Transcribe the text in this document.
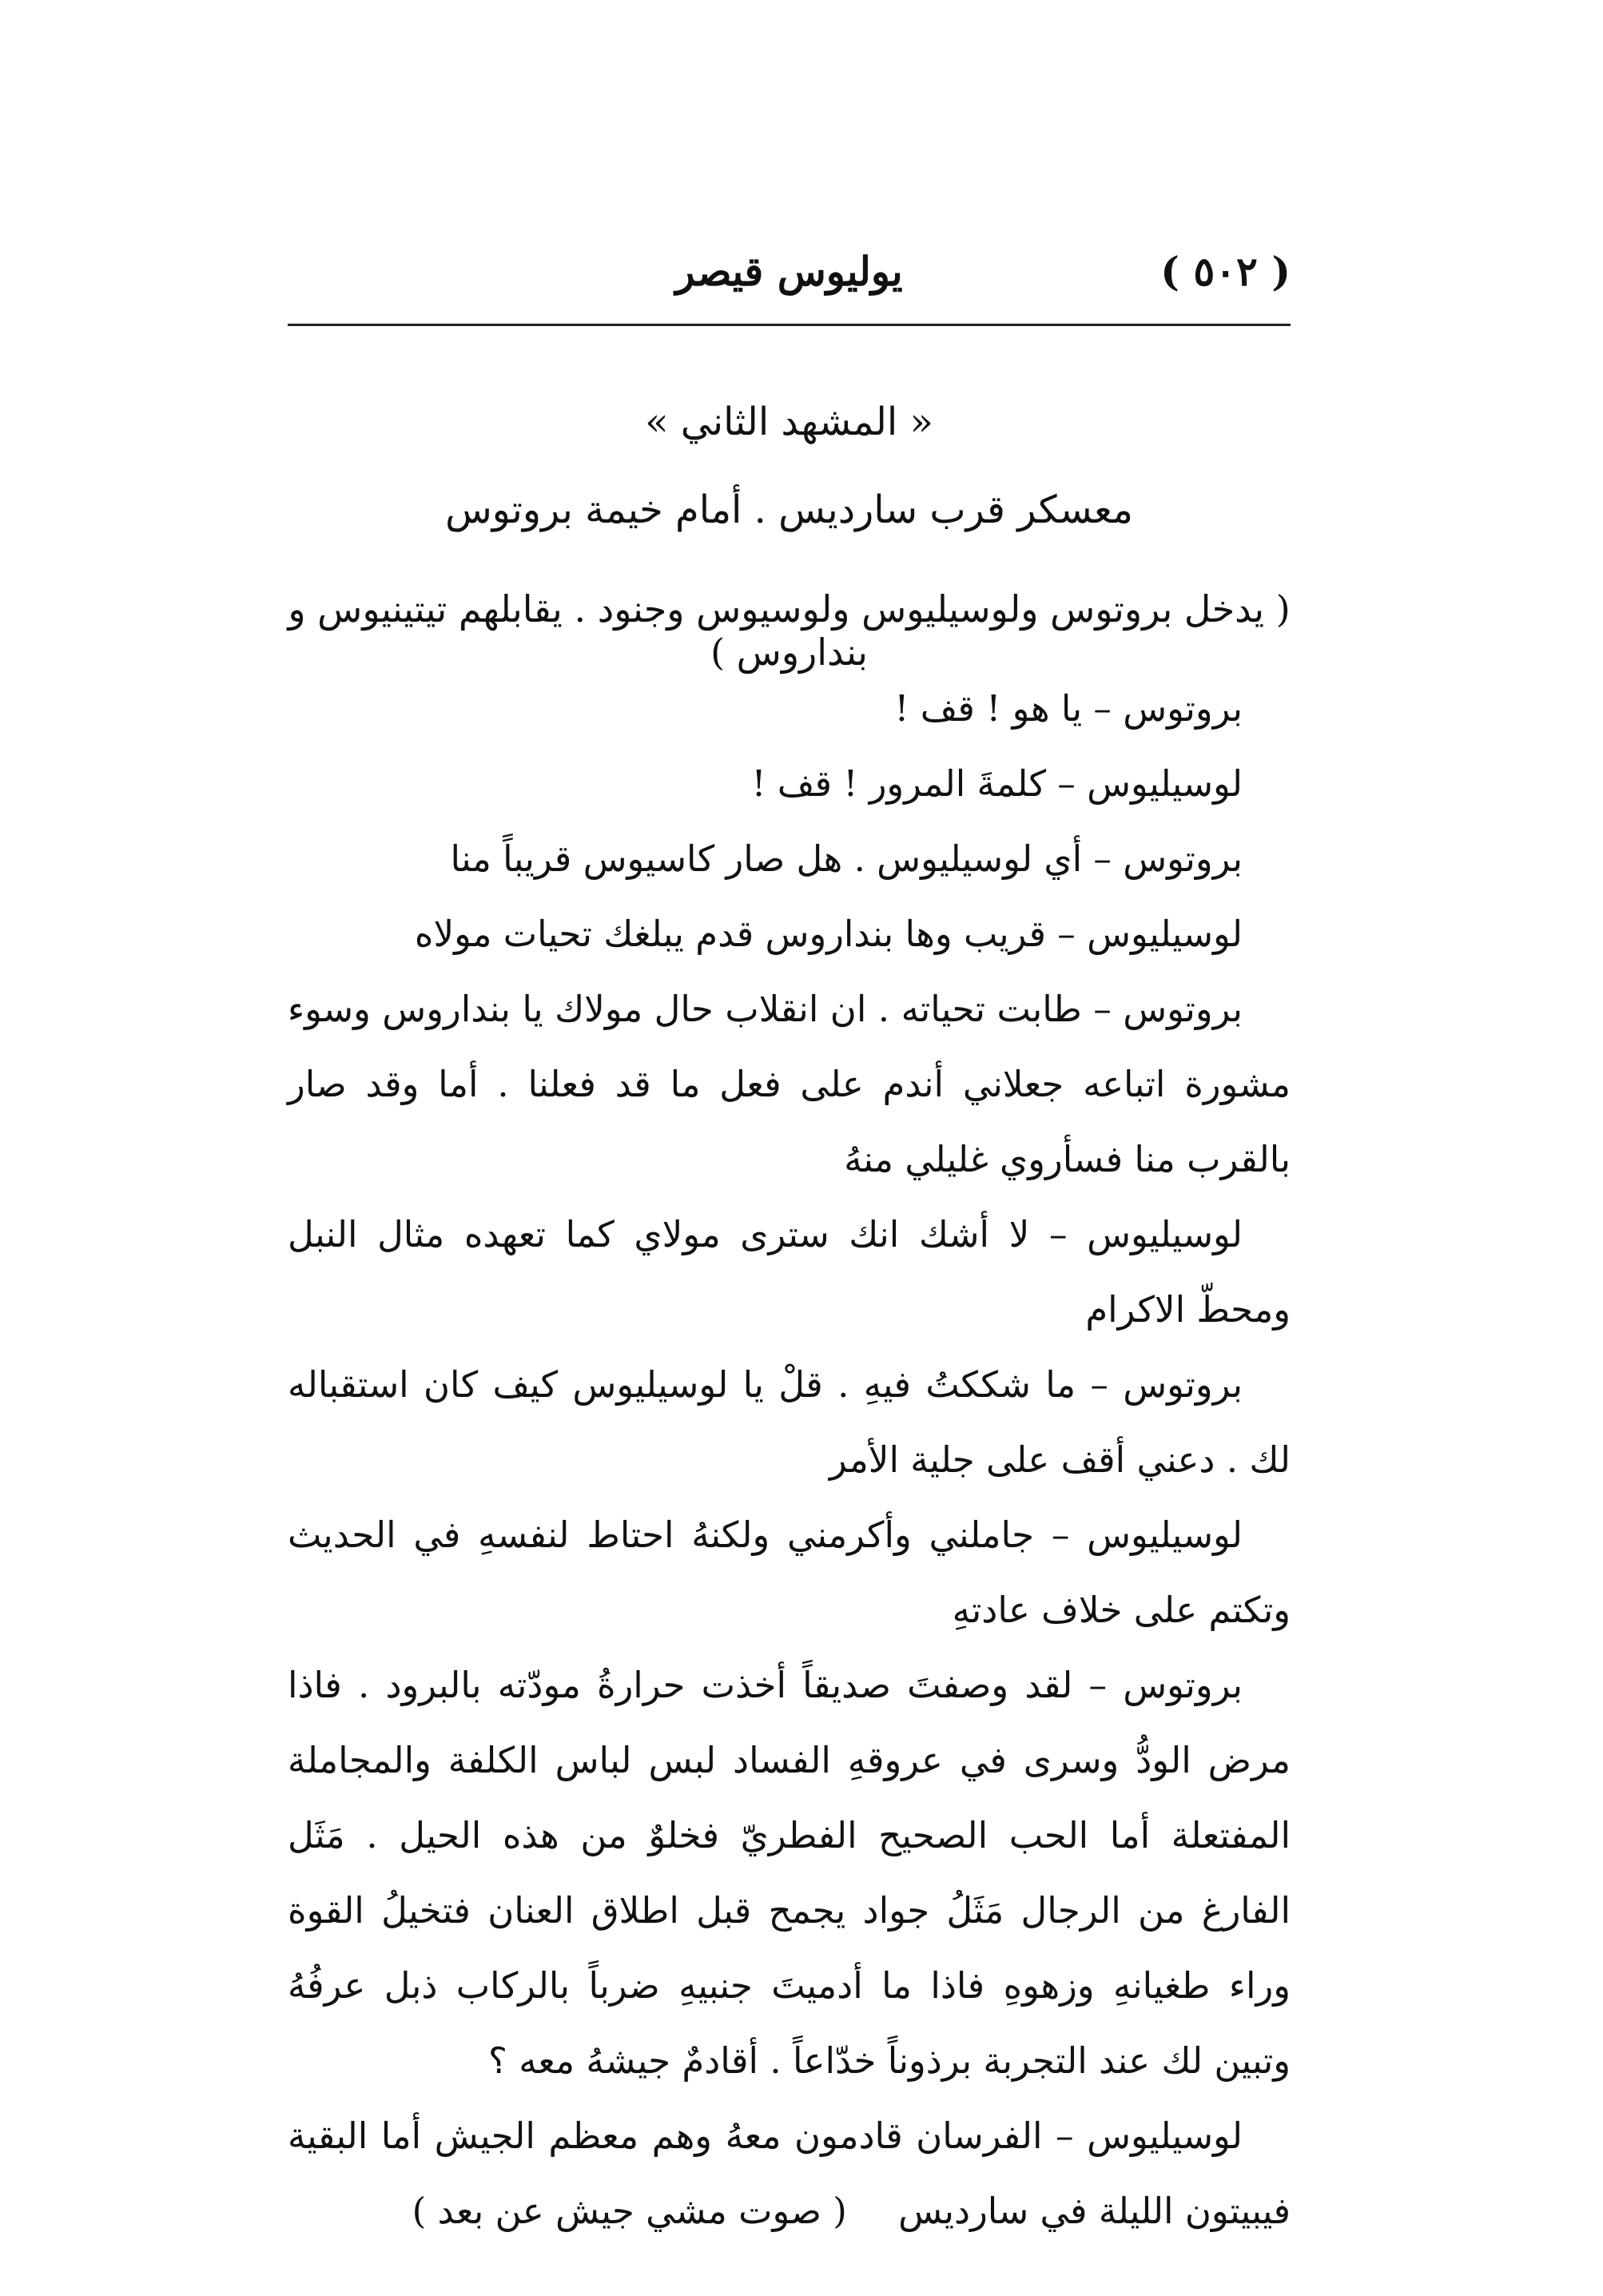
( ٥٠٢ )
يوليوس قيصر
« المشهد الثاني »
معسكر قرب سارديس . أمام خيمة بروتوس
( يدخل بروتوس ولوسيليوس ولوسيوس وجنود . يقابلهم تيتينيوس و بنداروس )

بروتوس – يا هو ! قف !

لوسيليوس – كلمةَ المرور ! قف !

بروتوس – أي لوسيليوس . هل صار كاسيوس قريباً منا

لوسيليوس – قريب وها بنداروس قدم يبلغك تحيات مولاه

بروتوس – طابت تحياته . ان انقلاب حال مولاك يا بنداروس وسوء مشورة اتباعه جعلاني أندم على فعل ما قد فعلنا . أما وقد صار بالقرب منا فسأروي غليلي منهُ

لوسيليوس – لا أشك انك سترى مولاي كما تعهده مثال النبل ومحطّ الاكرام

بروتوس – ما شككتُ فيهِ . قلْ يا لوسيليوس كيف كان استقباله لك . دعني أقف على جلية الأمر

لوسيليوس – جاملني وأكرمني ولكنهُ احتاط لنفسهِ في الحديث وتكتم على خلاف عادتهِ

بروتوس – لقد وصفتَ صديقاً أخذت حرارةُ مودّته بالبرود . فاذا مرض الودُّ وسرى في عروقهِ الفساد لبس لباس الكلفة والمجاملة المفتعلة أما الحب الصحيح الفطريّ فخلوٌ من هذه الحيل . مَثَل الفارغ من الرجال مَثَلُ جواد يجمح قبل اطلاق العنان فتخيلُ القوة وراء طغيانهِ وزهوهِ فاذا ما أدميتَ جنبيهِ ضرباً بالركاب ذبل عرفُهُ وتبين لك عند التجربة برذوناً خدّاعاً . أقادمٌ جيشهُ معه ؟

لوسيليوس – الفرسان قادمون معهُ وهم معظم الجيش أما البقية فيبيتون الليلة في سارديس ( صوت مشي جيش عن بعد )
